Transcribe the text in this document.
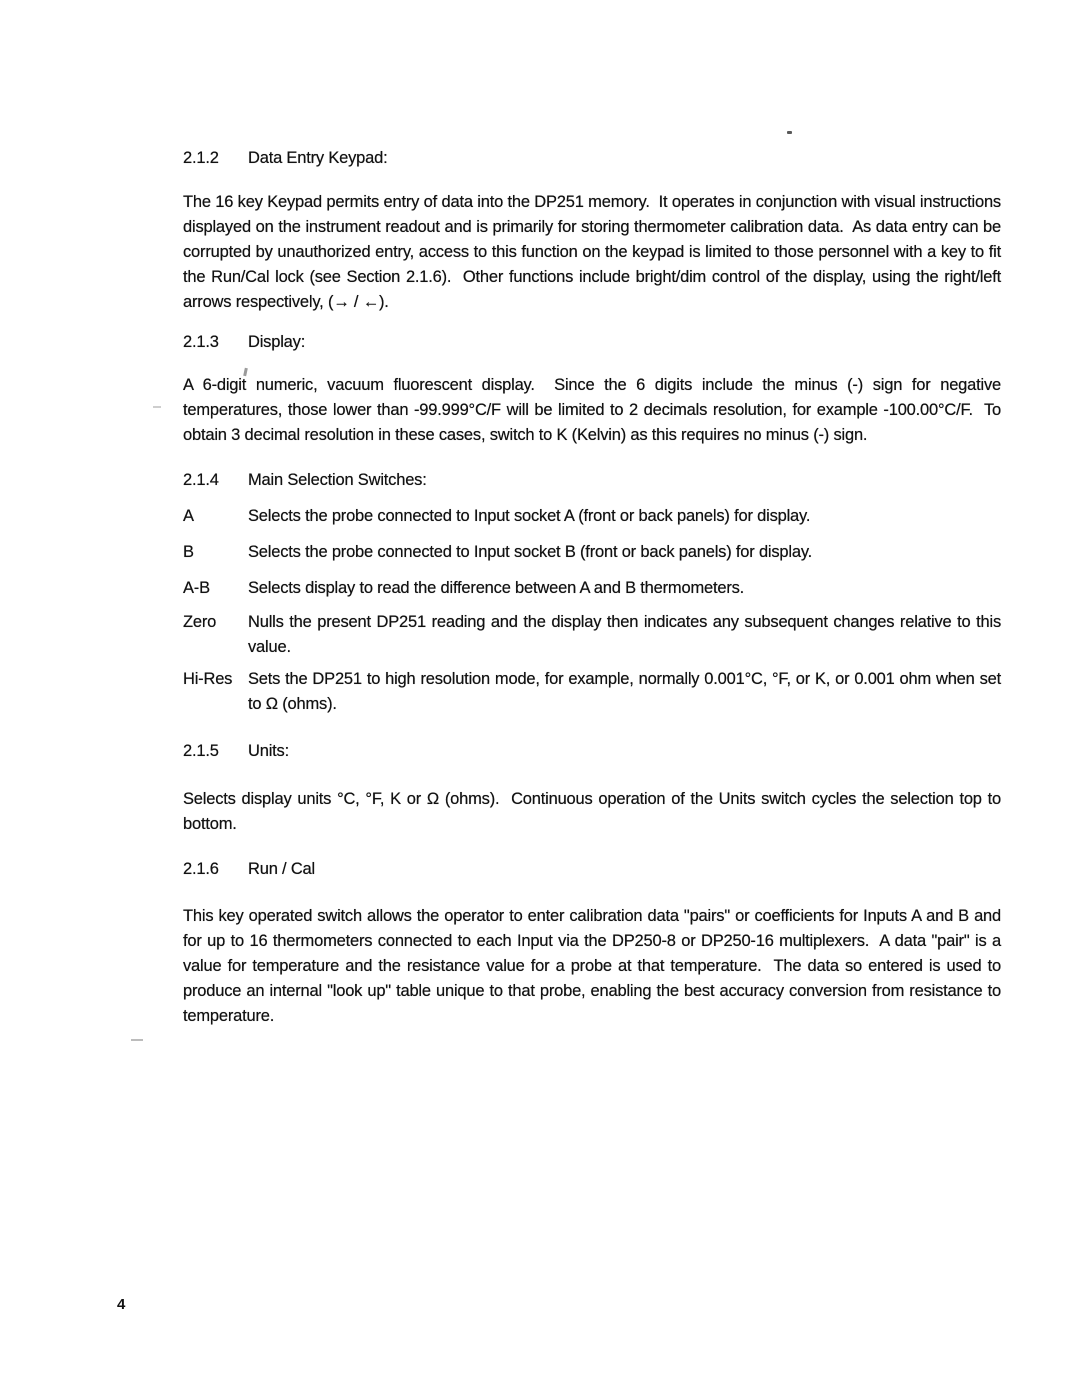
2.1.2	Data Entry Keypad:

The 16 key Keypad permits entry of data into the DP251 memory.  It operates in conjunction with visual instructions displayed on the instrument readout and is primarily for storing thermometer calibration data.  As data entry can be corrupted by unauthorized entry, access to this function on the keypad is limited to those personnel with a key to fit the Run/Cal lock (see Section 2.1.6).  Other functions include bright/dim control of the display, using the right/left arrows respectively, (→ / ←).

2.1.3	Display:

A 6-digit numeric, vacuum fluorescent display.  Since the 6 digits include the minus (-) sign for negative temperatures, those lower than -99.999°C/F will be limited to 2 decimals resolution, for example -100.00°C/F.  To obtain 3 decimal resolution in these cases, switch to K (Kelvin) as this requires no minus (-) sign.

2.1.4	Main Selection Switches:
A	Selects the probe connected to Input socket A (front or back panels) for display.
B	Selects the probe connected to Input socket B (front or back panels) for display.
A-B	Selects display to read the difference between A and B thermometers.
Zero	Nulls the present DP251 reading and the display then indicates any subsequent changes relative to this value.
Hi-Res Sets the DP251 to high resolution mode, for example, normally 0.001°C, °F, or K, or 0.001 ohm when set to Ω (ohms).
2.1.5	Units:

Selects display units °C, °F, K or Ω (ohms).  Continuous operation of the Units switch cycles the selection top to bottom.

2.1.6	Run / Cal

This key operated switch allows the operator to enter calibration data "pairs" or coefficients for Inputs A and B and for up to 16 thermometers connected to each Input via the DP250-8 or DP250-16 multiplexers.  A data "pair" is a value for temperature and the resistance value for a probe at that temperature.  The data so entered is used to produce an internal "look up" table unique to that probe, enabling the best accuracy conversion from resistance to temperature.

4
